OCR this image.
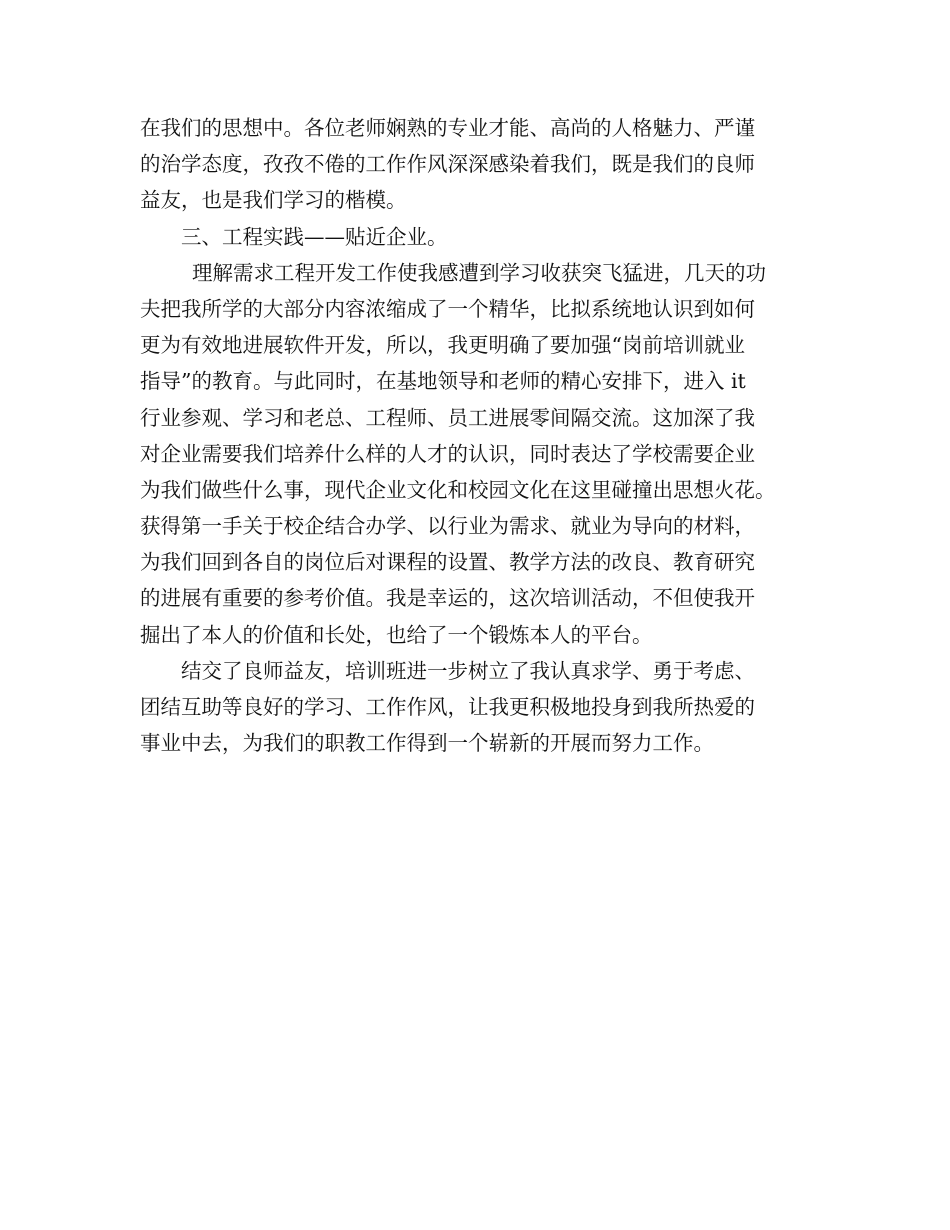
在我们的思想中。各位老师娴熟的专业才能、高尚的人格魅力、严谨
的治学态度，孜孜不倦的工作作风深深感染着我们，既是我们的良师
益友，也是我们学习的楷模。
三、工程实践——贴近企业。
理解需求工程开发工作使我感遭到学习收获突飞猛进，几天的功
夫把我所学的大部分内容浓缩成了一个精华，比拟系统地认识到如何
更为有效地进展软件开发，所以，我更明确了要加强“岗前培训就业
指导”的教育。与此同时，在基地领导和老师的精心安排下，进入 it
行业参观、学习和老总、工程师、员工进展零间隔交流。这加深了我
对企业需要我们培养什么样的人才的认识，同时表达了学校需要企业
为我们做些什么事，现代企业文化和校园文化在这里碰撞出思想火花。
获得第一手关于校企结合办学、以行业为需求、就业为导向的材料，
为我们回到各自的岗位后对课程的设置、教学方法的改良、教育研究
的进展有重要的参考价值。我是幸运的，这次培训活动，不但使我开
掘出了本人的价值和长处，也给了一个锻炼本人的平台。
结交了良师益友，培训班进一步树立了我认真求学、勇于考虑、
团结互助等良好的学习、工作作风，让我更积极地投身到我所热爱的
事业中去，为我们的职教工作得到一个崭新的开展而努力工作。
